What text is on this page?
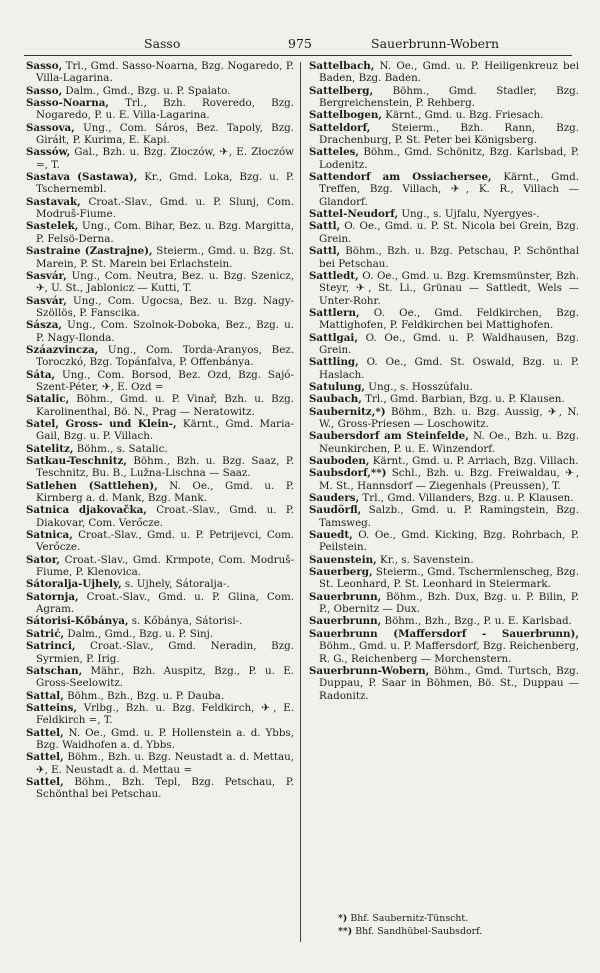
Sasso	975	Sauerbrunn-Wobern

Sasso, Trl., Gmd. Sasso-Noarna, Bzg. Nogaredo, P. Villa-Lagarina.

Sasso, Dalm., Gmd., Bzg. u. P. Spalato.

Sasso-Noarna, Trl., Bzh. Roveredo, Bzg. Nogaredo, P. u. E. Villa-Lagarina.

Sassova, Ung., Com. Sáros, Bez. Tapoly, Bzg. Giráłt, P. Kurima, E. Kapi.

Sassów, Gal., Bzh. u. Bzg. Złoczów, ✈, E. Złoczów =, T.

Sastava (Sastawa), Kr., Gmd. Loka, Bzg. u. P. Tschernembl.

Sastavak, Croat.-Slav., Gmd. u. P. Slunj, Com. Modruš-Fiume.

Sastelek, Ung., Com. Bihar, Bez. u. Bzg. Margitta, P. Felsö-Derna.

Sastraine (Zastrajne), Steierm., Gmd. u. Bzg. St. Marein, P. St. Marein bei Erlachstein.

Sasvár, Ung., Com. Neutra, Bez. u. Bzg. Szenicz, ✈, U. St., Jablonicz — Kutti, T.

Sasvár, Ung., Com. Ugocsa, Bez. u. Bzg. Nagy-Szöllös, P. Fanscika.

Sásza, Ung., Com. Szolnok-Doboka, Bez., Bzg. u. P. Nagy-Ilonda.

Száazvincza, Ung., Com. Torda-Aranyos, Bez. Toroczkó, Bzg. Topánfalva, P. Offenbánya.

Sáta, Ung., Com. Borsod, Bez. Ozd, Bzg. Sajó-Szent-Péter, ✈, E. Ozd =

Satalic, Böhm., Gmd. u. P. Vinař, Bzh. u. Bzg. Karolinenthal, Bö. N., Prag — Neratowitz.

Satel, Gross- und Klein-, Kärnt., Gmd. Maria-Gail, Bzg. u. P. Villach.

Satelitz, Böhm., s. Satalic.

Satkau-Teschnitz, Böhm., Bzh. u. Bzg. Saaz, P. Teschnitz, Bu. B., Lužna-Lischna — Saaz.

Satlehen (Sattlehen), N. Oe., Gmd. u. P. Kirnberg a. d. Mank, Bzg. Mank.

Satnica djakovačka, Croat.-Slav., Gmd. u. P. Diakovar, Com. Verőcze.

Satnica, Croat.-Slav., Gmd. u. P. Petrijevci, Com. Verőcze.

Sator, Croat.-Slav., Gmd. Krmpote, Com. Modruš-Fiume, P. Klenovica.

Sátoralja-Ujhely, s. Ujhely, Sátoralja-.

Satornja, Croat.-Slav., Gmd. u. P. Glina, Com. Agram.

Sátorisi-Kőbánya, s. Kőbánya, Sátorisi-.

Satrić, Dalm., Gmd., Bzg. u. P. Sinj.

Satrinci, Croat.-Slav., Gmd. Neradin, Bzg. Syrmien, P. Irig.

Satschan, Mähr., Bzh. Auspitz, Bzg., P. u. E. Gross-Seelowitz.

Sattal, Böhm., Bzh., Bzg. u. P. Dauba.

Satteins, Vrlbg., Bzh. u. Bzg. Feldkirch, ✈, E. Feldkirch =, T.

Sattel, N. Oe., Gmd. u. P. Hollenstein a. d. Ybbs, Bzg. Waidhofen a. d. Ybbs.

Sattel, Böhm., Bzh. u. Bzg. Neustadt a. d. Mettau, ✈, E. Neustadt a. d. Mettau =

Sattel, Böhm., Bzh. Tepl, Bzg. Petschau, P. Schönthal bei Petschau.

Sattelbach, N. Oe., Gmd. u. P. Heiligenkreuz bei Baden, Bzg. Baden.

Sattelberg, Böhm., Gmd. Stadler, Bzg. Bergreichenstein, P. Rehberg.

Sattelbogen, Kärnt., Gmd. u. Bzg. Friesach.

Satteldorf, Steierm., Bzh. Rann, Bzg. Drachenburg, P. St. Peter bei Königsberg.

Satteles, Böhm., Gmd. Schönitz, Bzg. Karlsbad, P. Lodenitz.

Sattendorf am Ossiachersee, Kärnt., Gmd. Treffen, Bzg. Villach, ✈, K. R., Villach — Glandorf.

Sattel-Neudorf, Ung., s. Ujfalu, Nyergyes-.

Sattl, O. Oe., Gmd. u. P. St. Nicola bei Grein, Bzg. Grein.

Sattl, Böhm., Bzh. u. Bzg. Petschau, P. Schönthal bei Petschau.

Sattledt, O. Oe., Gmd. u. Bzg. Kremsmünster, Bzh. Steyr, ✈, St. Li., Grünau — Sattledt, Wels — Unter-Rohr.

Sattlern, O. Oe., Gmd. Feldkirchen, Bzg. Mattighofen, P. Feldkirchen bei Mattighofen.

Sattlgai, O. Oe., Gmd. u. P. Waldhausen, Bzg. Grein.

Sattling, O. Oe., Gmd. St. Oswald, Bzg. u. P. Haslach.

Satulung, Ung., s. Hosszúfalu.

Saubach, Trl., Gmd. Barbian, Bzg. u. P. Klausen.

Saubernitz,*) Böhm., Bzh. u. Bzg. Aussig, ✈, N. W., Gross-Priesen — Loschowitz.

Saubersdorf am Steinfelde, N. Oe., Bzh. u. Bzg. Neunkirchen, P. u. E. Winzendorf.

Sauboden, Kärnt., Gmd. u. P. Arriach, Bzg. Villach.

Saubsdorf,**) Schl., Bzh. u. Bzg. Freiwaldau, ✈, M. St., Hannsdorf — Ziegenhals (Preussen), T.

Sauders, Trl., Gmd. Villanders, Bzg. u. P. Klausen.

Saudörfl, Salzb., Gmd. u. P. Ramingstein, Bzg. Tamsweg.

Sauedt, O. Oe., Gmd. Kicking, Bzg. Rohrbach, P. Peilstein.

Sauenstein, Kr., s. Savenstein.

Sauerberg, Steierm., Gmd. Tschermlenscheg, Bzg. St. Leonhard, P. St. Leonhard in Steiermark.

Sauerbrunn, Böhm., Bzh. Dux, Bzg. u. P. Bilin, P. P., Obernitz — Dux.

Sauerbrunn, Böhm., Bzh., Bzg., P. u. E. Karlsbad.

Sauerbrunn (Maffersdorf - Sauerbrunn), Böhm., Gmd. u. P. Maffersdorf, Bzg. Reichenberg, R. G., Reichenberg — Morchenstern.

Sauerbrunn-Wobern, Böhm., Gmd. Turtsch, Bzg. Duppau, P. Saar in Böhmen, Bö. St., Duppau — Radonitz.

*) Bhf. Saubernitz-Tünscht.
**) Bhf. Sandhübel-Saubsdorf.
